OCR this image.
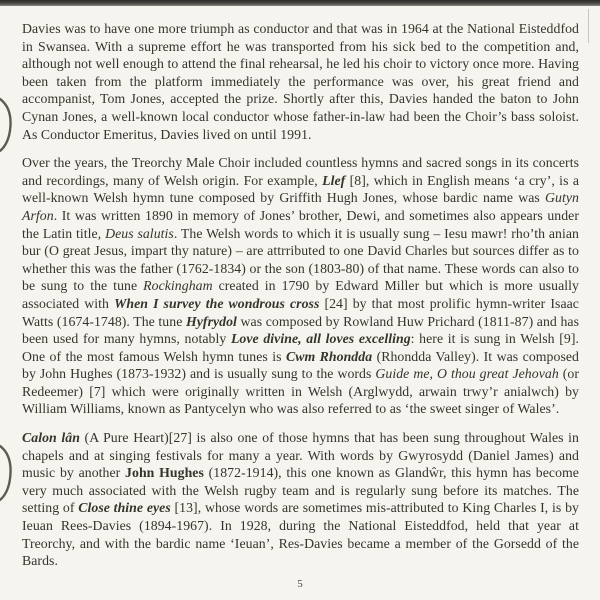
Davies was to have one more triumph as conductor and that was in 1964 at the National Eisteddfod in Swansea. With a supreme effort he was transported from his sick bed to the competition and, although not well enough to attend the final rehearsal, he led his choir to victory once more. Having been taken from the platform immediately the performance was over, his great friend and accompanist, Tom Jones, accepted the prize. Shortly after this, Davies handed the baton to John Cynan Jones, a well-known local conductor whose father-in-law had been the Choir’s bass soloist. As Conductor Emeritus, Davies lived on until 1991.

Over the years, the Treorchy Male Choir included countless hymns and sacred songs in its concerts and recordings, many of Welsh origin. For example, Llef [8], which in English means ‘a cry’, is a well-known Welsh hymn tune composed by Griffith Hugh Jones, whose bardic name was Gutyn Arfon. It was written 1890 in memory of Jones’ brother, Dewi, and sometimes also appears under the Latin title, Deus salutis. The Welsh words to which it is usually sung – Iesu mawr! rho’th anian bur (O great Jesus, impart thy nature) – are attrributed to one David Charles but sources differ as to whether this was the father (1762-1834) or the son (1803-80) of that name. These words can also to be sung to the tune Rockingham created in 1790 by Edward Miller but which is more usually associated with When I survey the wondrous cross [24] by that most prolific hymn-writer Isaac Watts (1674-1748). The tune Hyfrydol was composed by Rowland Huw Prichard (1811-87) and has been used for many hymns, notably Love divine, all loves excelling: here it is sung in Welsh [9]. One of the most famous Welsh hymn tunes is Cwm Rhondda (Rhondda Valley). It was composed by John Hughes (1873-1932) and is usually sung to the words Guide me, O thou great Jehovah (or Redeemer) [7] which were originally written in Welsh (Arglwydd, arwain trwy’r anialwch) by William Williams, known as Pantycelyn who was also referred to as ‘the sweet singer of Wales’.

Calon lân (A Pure Heart)[27] is also one of those hymns that has been sung throughout Wales in chapels and at singing festivals for many a year. With words by Gwyrosydd (Daniel James) and music by another John Hughes (1872-1914), this one known as Glandŵr, this hymn has become very much associated with the Welsh rugby team and is regularly sung before its matches. The setting of Close thine eyes [13], whose words are sometimes mis-attributed to King Charles I, is by Ieuan Rees-Davies (1894-1967). In 1928, during the National Eisteddfod, held that year at Treorchy, and with the bardic name ‘Ieuan’, Res-Davies became a member of the Gorsedd of the Bards.

5
